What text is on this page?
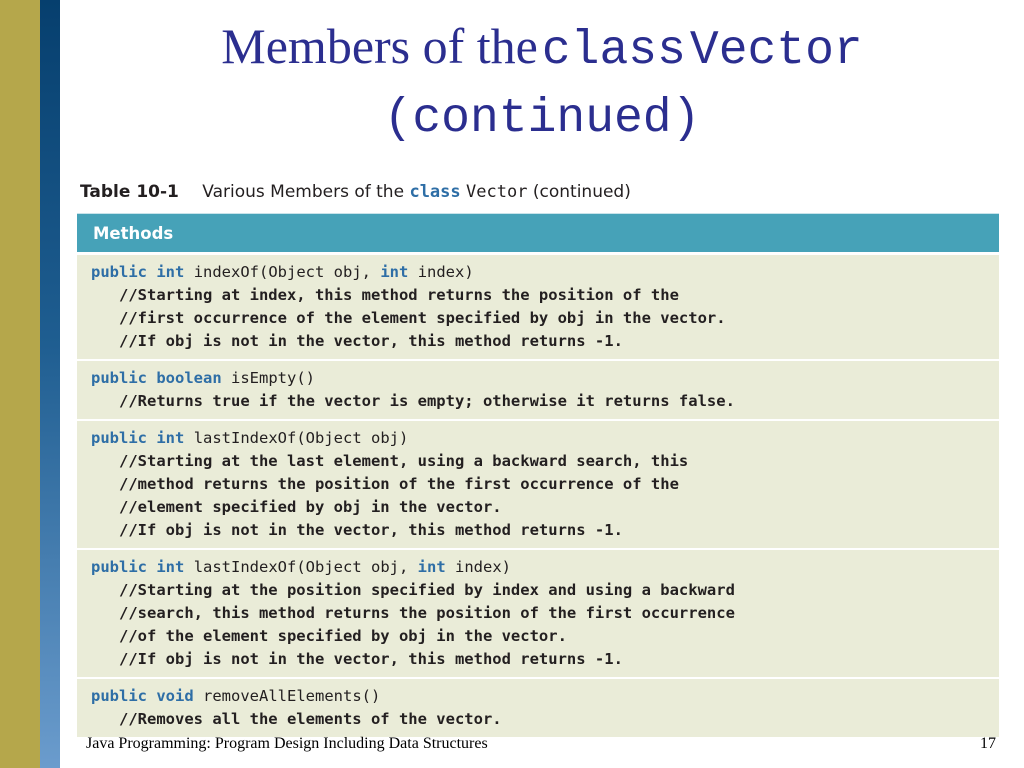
Members of the class Vector
(continued)
Table 10-1 Various Members of the class Vector (continued)
Methods
public int indexOf(Object obj, int index)
//Starting at index, this method returns the position of the
//first occurrence of the element specified by obj in the vector.
//If obj is not in the vector, this method returns -1.
public boolean isEmpty()
//Returns true if the vector is empty; otherwise it returns false.
public int lastIndexOf(Object obj)
//Starting at the last element, using a backward search, this
//method returns the position of the first occurrence of the
//element specified by obj in the vector.
//If obj is not in the vector, this method returns -1.
public int lastIndexOf(Object obj, int index)
//Starting at the position specified by index and using a backward
//search, this method returns the position of the first occurrence
//of the element specified by obj in the vector.
//If obj is not in the vector, this method returns -1.
public void removeAllElements()
//Removes all the elements of the vector.
Java Programming: Program Design Including Data Structures	17
